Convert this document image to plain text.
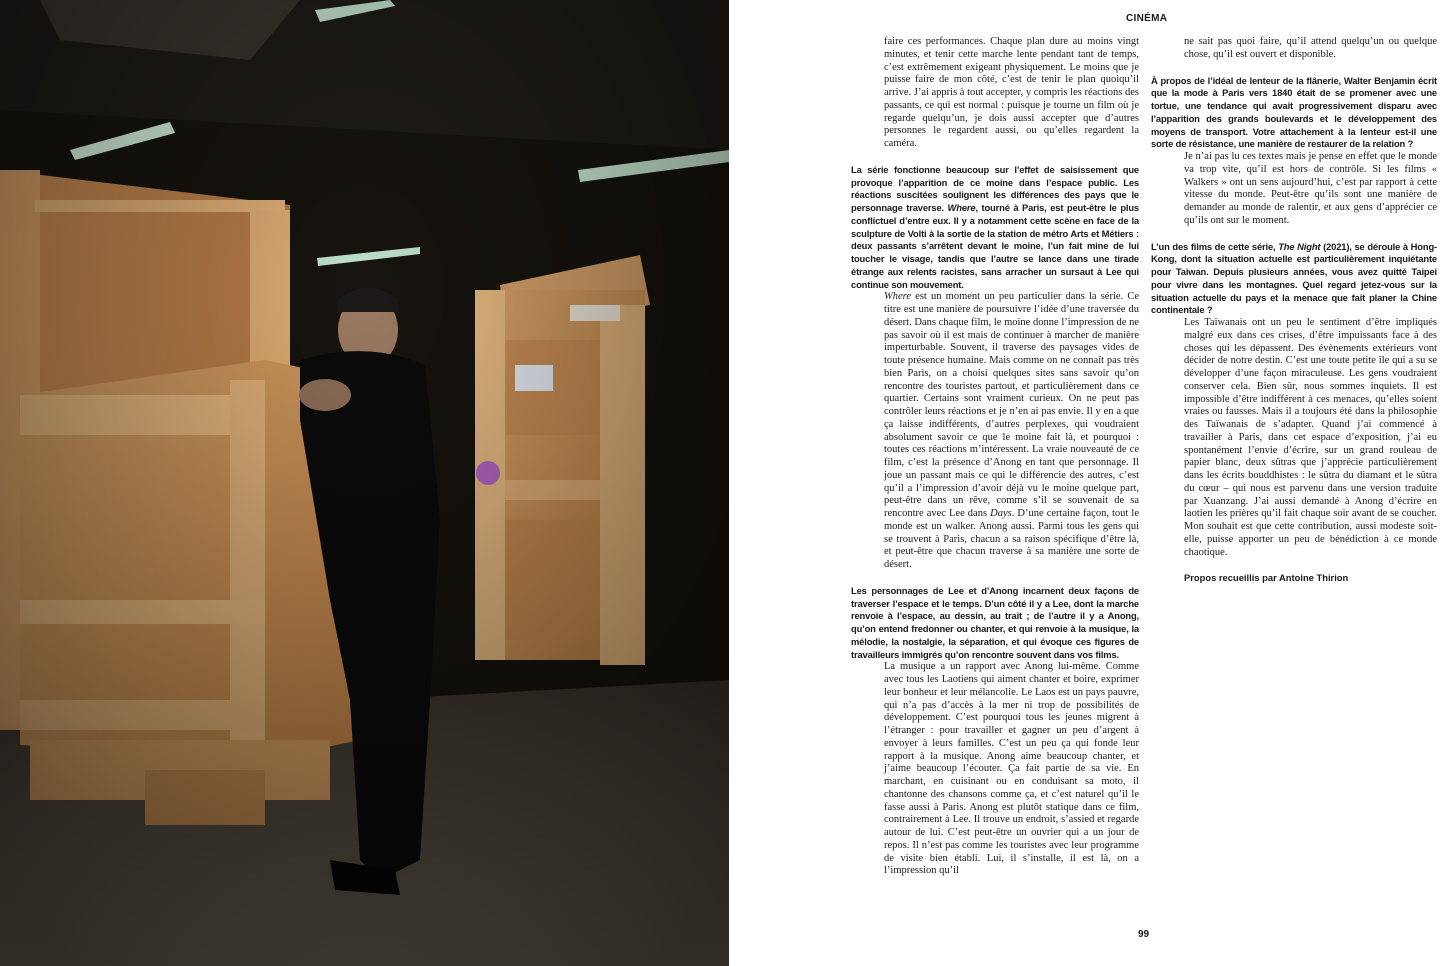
CINÉMA

faire ces performances. Chaque plan dure au moins vingt minutes, et tenir cette marche lente pendant tant de temps, c’est extrêmement exigeant physiquement. Le moins que je puisse faire de mon côté, c’est de tenir le plan quoiqu’il arrive. J’ai appris à tout accepter, y compris les réactions des passants, ce qui est normal : puisque je tourne un film où je regarde quelqu’un, je dois aussi accepter que d’autres personnes le regardent aussi, ou qu’elles regardent la caméra.

La série fonctionne beaucoup sur l’effet de saisissement que provoque l’apparition de ce moine dans l’espace public. Les réactions suscitées soulignent les différences des pays que le personnage traverse. Where, tourné à Paris, est peut-être le plus conflictuel d’entre eux. Il y a notamment cette scène en face de la sculpture de Volti à la sortie de la station de métro Arts et Métiers : deux passants s’arrêtent devant le moine, l’un fait mine de lui toucher le visage, tandis que l’autre se lance dans une tirade étrange aux relents racistes, sans arracher un sursaut à Lee qui continue son mouvement.

Where est un moment un peu particulier dans la série. Ce titre est une manière de poursuivre l’idée d’une traversée du désert. Dans chaque film, le moine donne l’impression de ne pas savoir où il est mais de continuer à marcher de manière imperturbable. Souvent, il traverse des paysages vides de toute présence humaine. Mais comme on ne connaît pas très bien Paris, on a choisi quelques sites sans savoir qu’on rencontre des touristes partout, et particulièrement dans ce quartier. Certains sont vraiment curieux. On ne peut pas contrôler leurs réactions et je n’en ai pas envie. Il y en a que ça laisse indifférents, d’autres perplexes, qui voudraient absolument savoir ce que le moine fait là, et pourquoi : toutes ces réactions m’intéressent. La vraie nouveauté de ce film, c’est la présence d’Anong en tant que personnage. Il joue un passant mais ce qui le différencie des autres, c’est qu’il a l’impression d’avoir déjà vu le moine quelque part, peut-être dans un rêve, comme s’il se souvenait de sa rencontre avec Lee dans Days. D’une certaine façon, tout le monde est un walker. Anong aussi. Parmi tous les gens qui se trouvent à Paris, chacun a sa raison spécifique d’être là, et peut-être que chacun traverse à sa manière une sorte de désert.

Les personnages de Lee et d’Anong incarnent deux façons de traverser l’espace et le temps. D’un côté il y a Lee, dont la marche renvoie à l’espace, au dessin, au trait ; de l’autre il y a Anong, qu’on entend fredonner ou chanter, et qui renvoie à la musique, la mélodie, la nostalgie, la séparation, et qui évoque ces figures de travailleurs immigrés qu’on rencontre souvent dans vos films.

La musique a un rapport avec Anong lui-même. Comme avec tous les Laotiens qui aiment chanter et boire, exprimer leur bonheur et leur mélancolie. Le Laos est un pays pauvre, qui n’a pas d’accès à la mer ni trop de possibilités de développement. C’est pourquoi tous les jeunes migrent à l’étranger : pour travailler et gagner un peu d’argent à envoyer à leurs familles. C’est un peu ça qui fonde leur rapport à la musique. Anong aime beaucoup chanter, et j’aime beaucoup l’écouter. Ça fait partie de sa vie. En marchant, en cuisinant ou en conduisant sa moto, il chantonne des chansons comme ça, et c’est naturel qu’il le fasse aussi à Paris. Anong est plutôt statique dans ce film, contrairement à Lee. Il trouve un endroit, s’assied et regarde autour de lui. C’est peut-être un ouvrier qui a un jour de repos. Il n’est pas comme les touristes avec leur programme de visite bien établi. Lui, il s’installe, il est là, on a l’impression qu’il

ne sait pas quoi faire, qu’il attend quelqu’un ou quelque chose, qu’il est ouvert et disponible.

À propos de l’idéal de lenteur de la flânerie, Walter Benjamin écrit que la mode à Paris vers 1840 était de se promener avec une tortue, une tendance qui avait progressivement disparu avec l’apparition des grands boulevards et le développement des moyens de transport. Votre attachement à la lenteur est-il une sorte de résistance, une manière de restaurer de la relation ?

Je n’ai pas lu ces textes mais je pense en effet que le monde va trop vite, qu’il est hors de contrôle. Si les films « Walkers » ont un sens aujourd’hui, c’est par rapport à cette vitesse du monde. Peut-être qu’ils sont une manière de demander au monde de ralentir, et aux gens d’apprécier ce qu’ils ont sur le moment.

L’un des films de cette série, The Night (2021), se déroule à Hong-Kong, dont la situation actuelle est particulièrement inquiétante pour Taiwan. Depuis plusieurs années, vous avez quitté Taipei pour vivre dans les montagnes. Quel regard jetez-vous sur la situation actuelle du pays et la menace que fait planer la Chine continentale ?

Les Taïwanais ont un peu le sentiment d’être impliqués malgré eux dans ces crises, d’être impuissants face à des choses qui les dépassent. Des évènements extérieurs vont décider de notre destin. C’est une toute petite île qui a su se développer d’une façon miraculeuse. Les gens voudraient conserver cela. Bien sûr, nous sommes inquiets. Il est impossible d’être indifférent à ces menaces, qu’elles soient vraies ou fausses. Mais il a toujours été dans la philosophie des Taïwanais de s’adapter. Quand j’ai commencé à travailler à Paris, dans cet espace d’exposition, j’ai eu spontanément l’envie d’écrire, sur un grand rouleau de papier blanc, deux sûtras que j’apprécie particulièrement dans les écrits bouddhistes : le sûtra du diamant et le sûtra du cœur – qui nous est parvenu dans une version traduite par Xuanzang. J’ai aussi demandé à Anong d’écrire en laotien les prières qu’il fait chaque soir avant de se coucher. Mon souhait est que cette contribution, aussi modeste soit-elle, puisse apporter un peu de bénédiction à ce monde chaotique.

Propos recueillis par Antoine Thirion

99
